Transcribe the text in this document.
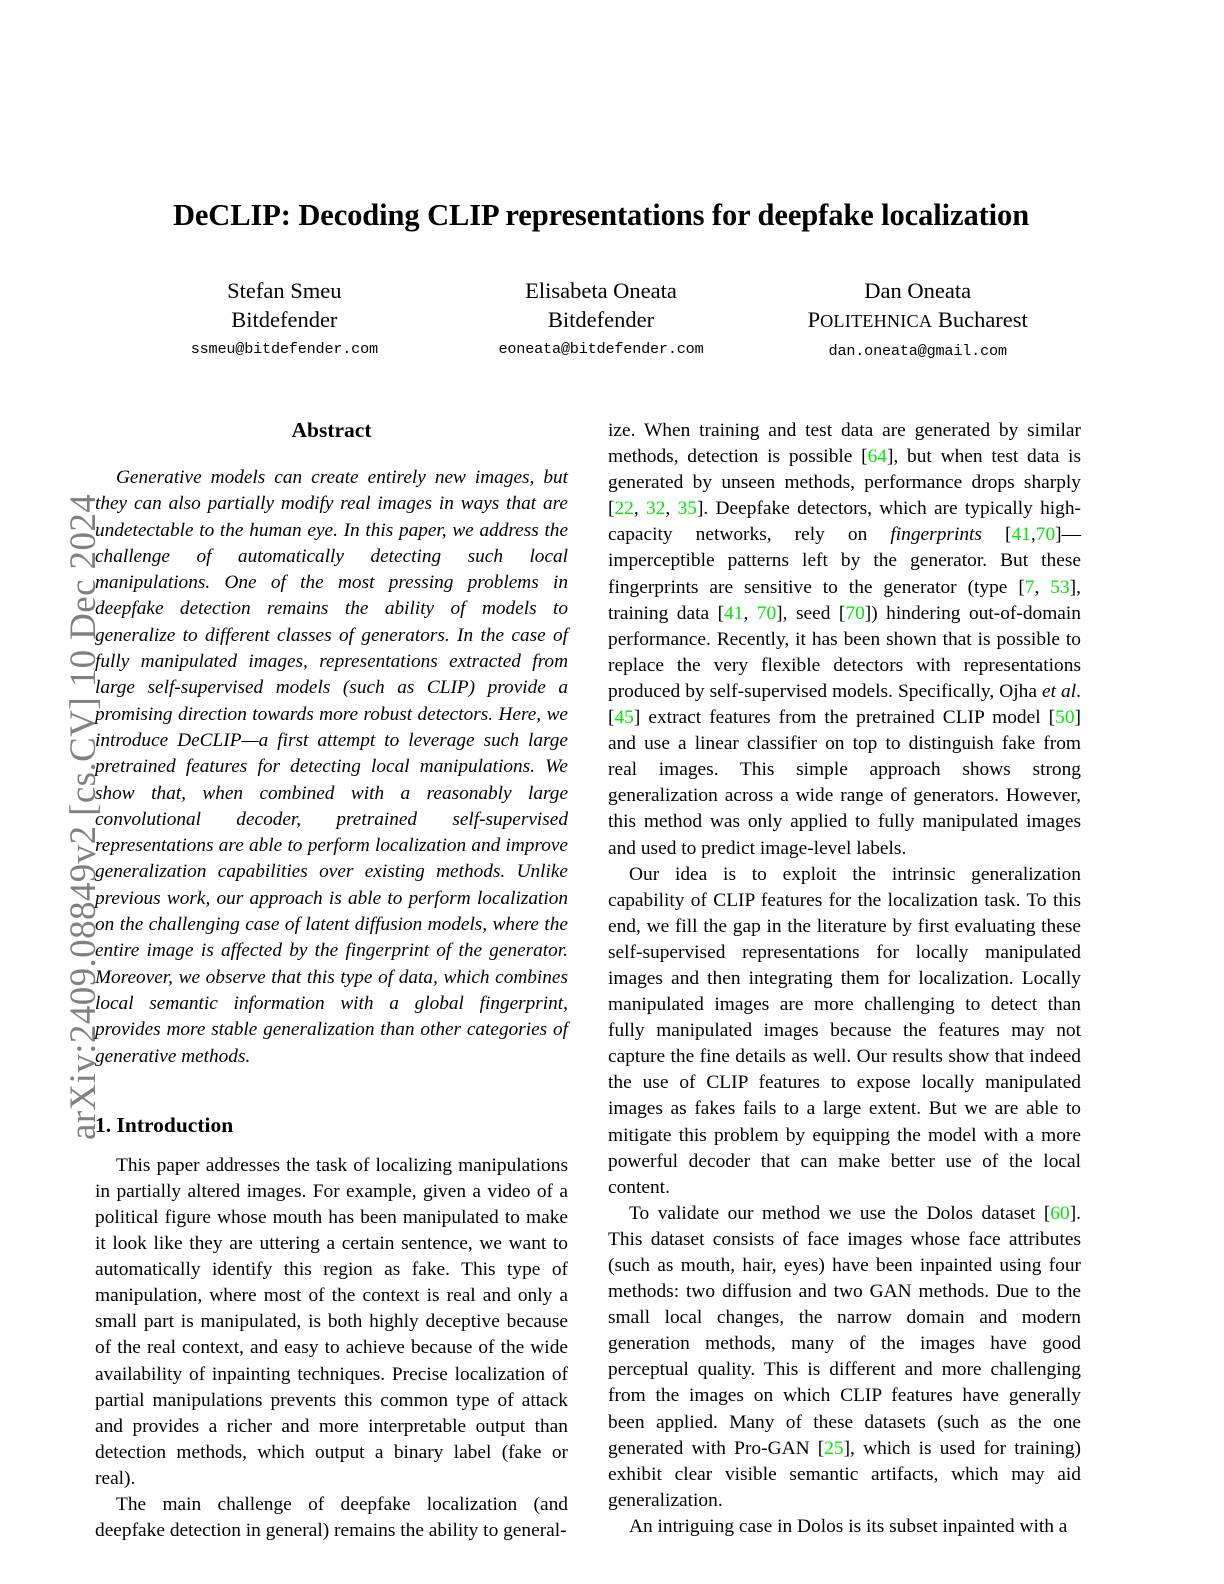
arXiv:2409.08849v2 [cs.CV] 10 Dec 2024
DeCLIP: Decoding CLIP representations for deepfake localization
Stefan Smeu
Bitdefender
ssmeu@bitdefender.com
Elisabeta Oneata
Bitdefender
eoneata@bitdefender.com
Dan Oneata
POLITEHNICA Bucharest
dan.oneata@gmail.com
Abstract

Generative models can create entirely new images, but they can also partially modify real images in ways that are undetectable to the human eye. In this paper, we address the challenge of automatically detecting such local manipulations. One of the most pressing problems in deepfake detection remains the ability of models to generalize to different classes of generators. In the case of fully manipulated images, representations extracted from large self-supervised models (such as CLIP) provide a promising direction towards more robust detectors. Here, we introduce DeCLIP—a first attempt to leverage such large pretrained features for detecting local manipulations. We show that, when combined with a reasonably large convolutional decoder, pretrained self-supervised representations are able to perform localization and improve generalization capabilities over existing methods. Unlike previous work, our approach is able to perform localization on the challenging case of latent diffusion models, where the entire image is affected by the fingerprint of the generator. Moreover, we observe that this type of data, which combines local semantic information with a global fingerprint, provides more stable generalization than other categories of generative methods.

1. Introduction

This paper addresses the task of localizing manipulations in partially altered images. For example, given a video of a political figure whose mouth has been manipulated to make it look like they are uttering a certain sentence, we want to automatically identify this region as fake. This type of manipulation, where most of the context is real and only a small part is manipulated, is both highly deceptive because of the real context, and easy to achieve because of the wide availability of inpainting techniques. Precise localization of partial manipulations prevents this common type of attack and provides a richer and more interpretable output than detection methods, which output a binary label (fake or real).

The main challenge of deepfake localization (and deepfake detection in general) remains the ability to general-

ize. When training and test data are generated by similar methods, detection is possible [64], but when test data is generated by unseen methods, performance drops sharply [22, 32, 35]. Deepfake detectors, which are typically high-capacity networks, rely on fingerprints [41,70]—imperceptible patterns left by the generator. But these fingerprints are sensitive to the generator (type [7, 53], training data [41, 70], seed [70]) hindering out-of-domain performance. Recently, it has been shown that is possible to replace the very flexible detectors with representations produced by self-supervised models. Specifically, Ojha et al. [45] extract features from the pretrained CLIP model [50] and use a linear classifier on top to distinguish fake from real images. This simple approach shows strong generalization across a wide range of generators. However, this method was only applied to fully manipulated images and used to predict image-level labels.

Our idea is to exploit the intrinsic generalization capability of CLIP features for the localization task. To this end, we fill the gap in the literature by first evaluating these self-supervised representations for locally manipulated images and then integrating them for localization. Locally manipulated images are more challenging to detect than fully manipulated images because the features may not capture the fine details as well. Our results show that indeed the use of CLIP features to expose locally manipulated images as fakes fails to a large extent. But we are able to mitigate this problem by equipping the model with a more powerful decoder that can make better use of the local content.

To validate our method we use the Dolos dataset [60]. This dataset consists of face images whose face attributes (such as mouth, hair, eyes) have been inpainted using four methods: two diffusion and two GAN methods. Due to the small local changes, the narrow domain and modern generation methods, many of the images have good perceptual quality. This is different and more challenging from the images on which CLIP features have generally been applied. Many of these datasets (such as the one generated with Pro-GAN [25], which is used for training) exhibit clear visible semantic artifacts, which may aid generalization.

An intriguing case in Dolos is its subset inpainted with a
